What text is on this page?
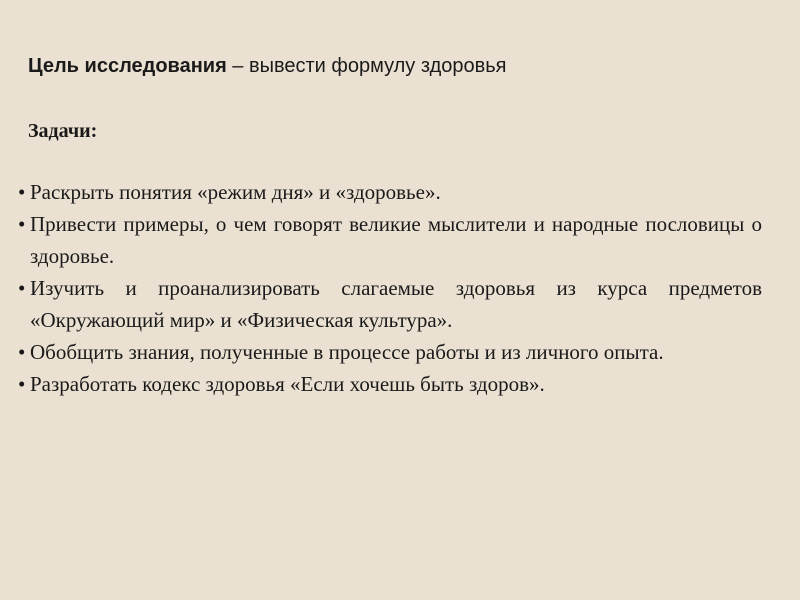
Цель исследования – вывести формулу здоровья
Задачи:
• Раскрыть понятия «режим дня» и «здоровье».
• Привести примеры, о чем говорят великие мыслители и народные пословицы о здоровье.
• Изучить и проанализировать слагаемые здоровья из курса предметов «Окружающий мир» и «Физическая культура».
• Обобщить знания, полученные в процессе работы и из личного опыта.
• Разработать кодекс здоровья «Если хочешь быть здоров».
